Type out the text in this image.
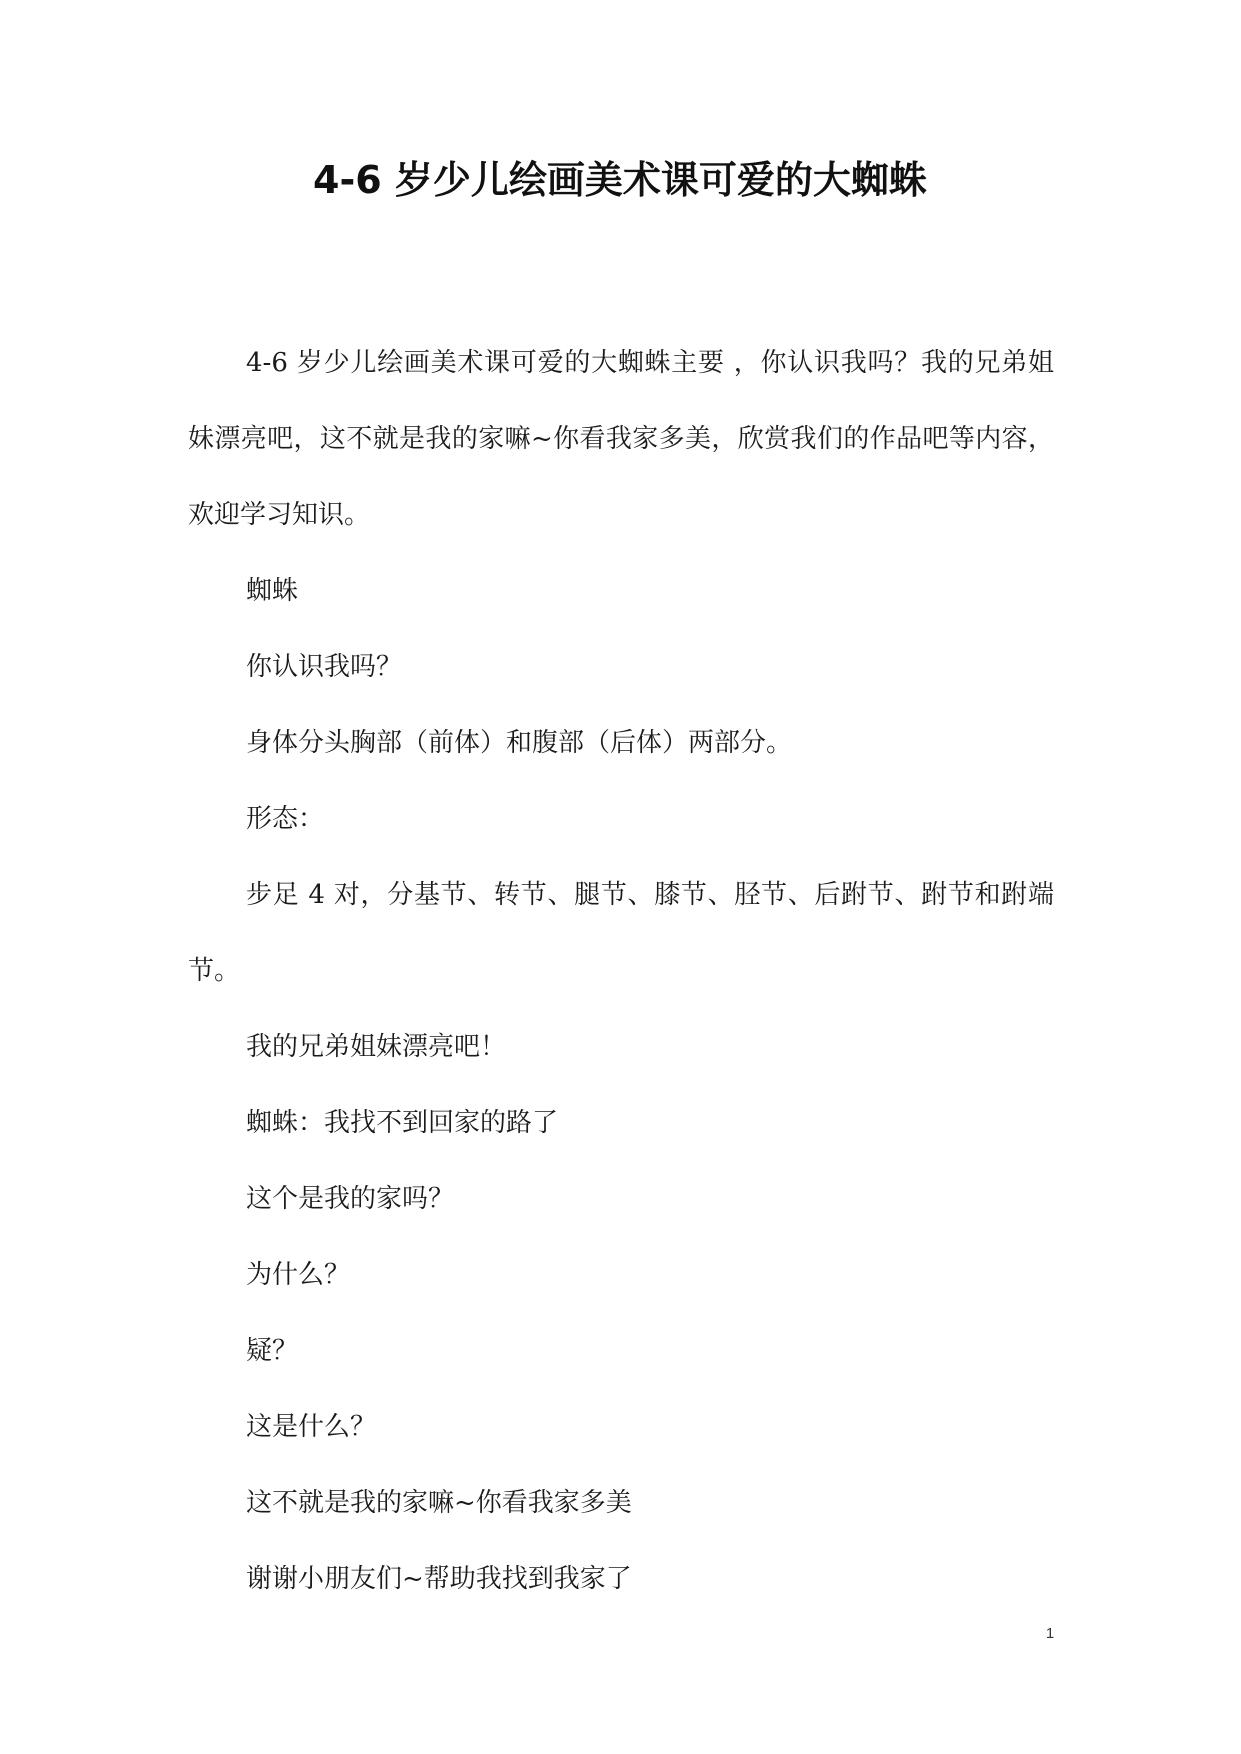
4-6 岁少儿绘画美术课可爱的大蜘蛛

4-6 岁少儿绘画美术课可爱的大蜘蛛主要 ，你认识我吗？我的兄弟姐妹漂亮吧，这不就是我的家嘛~你看我家多美，欣赏我们的作品吧等内容，欢迎学习知识。

蜘蛛

你认识我吗？

身体分头胸部（前体）和腹部（后体）两部分。

形态：

步足 4 对，分基节、转节、腿节、膝节、胫节、后跗节、跗节和跗端节。

我的兄弟姐妹漂亮吧！

蜘蛛：我找不到回家的路了

这个是我的家吗？

为什么？

疑？

这是什么？

这不就是我的家嘛~你看我家多美

谢谢小朋友们~帮助我找到我家了

1
